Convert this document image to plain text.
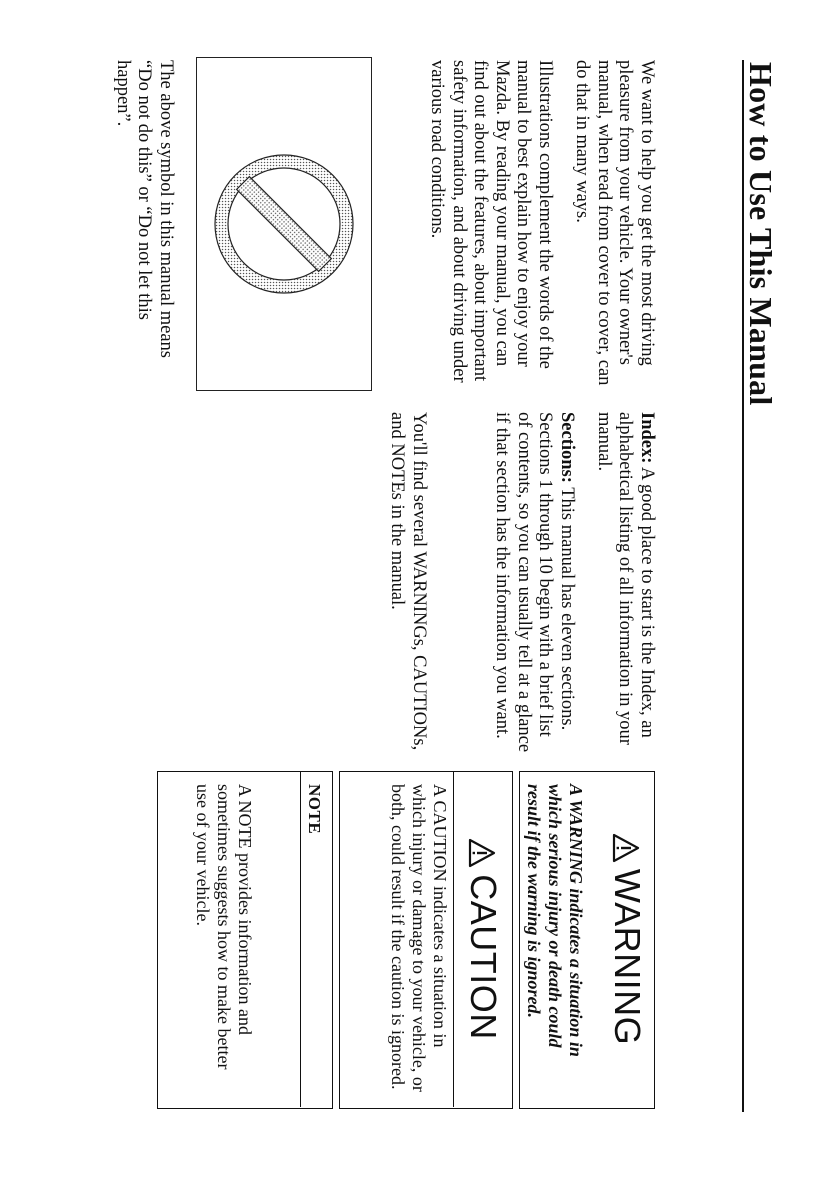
How to Use This Manual
We want to help you get the most driving pleasure from your vehicle. Your owner's manual, when read from cover to cover, can do that in many ways.
Illustrations complement the words of the manual to best explain how to enjoy your Mazda. By reading your manual, you can find out about the features, about important safety information, and about driving under various road conditions.
The above symbol in this manual means “Do not do this” or “Do not let this happen”.
Index: A good place to start is the Index, an alphabetical listing of all information in your manual.
Sections: This manual has eleven sections. Sections 1 through 10 begin with a brief list of contents, so you can usually tell at a glance if that section has the information you want.
You'll find several WARNINGs, CAUTIONs, and NOTEs in the manual.
WARNING
A WARNING indicates a situation in which serious injury or death could result if the warning is ignored.
A CAUTION indicates a situation in which injury or damage to your vehicle, or both, could result if the caution is ignored.
NOTE
A NOTE provides information and sometimes suggests how to make better use of your vehicle.
CAUTION
